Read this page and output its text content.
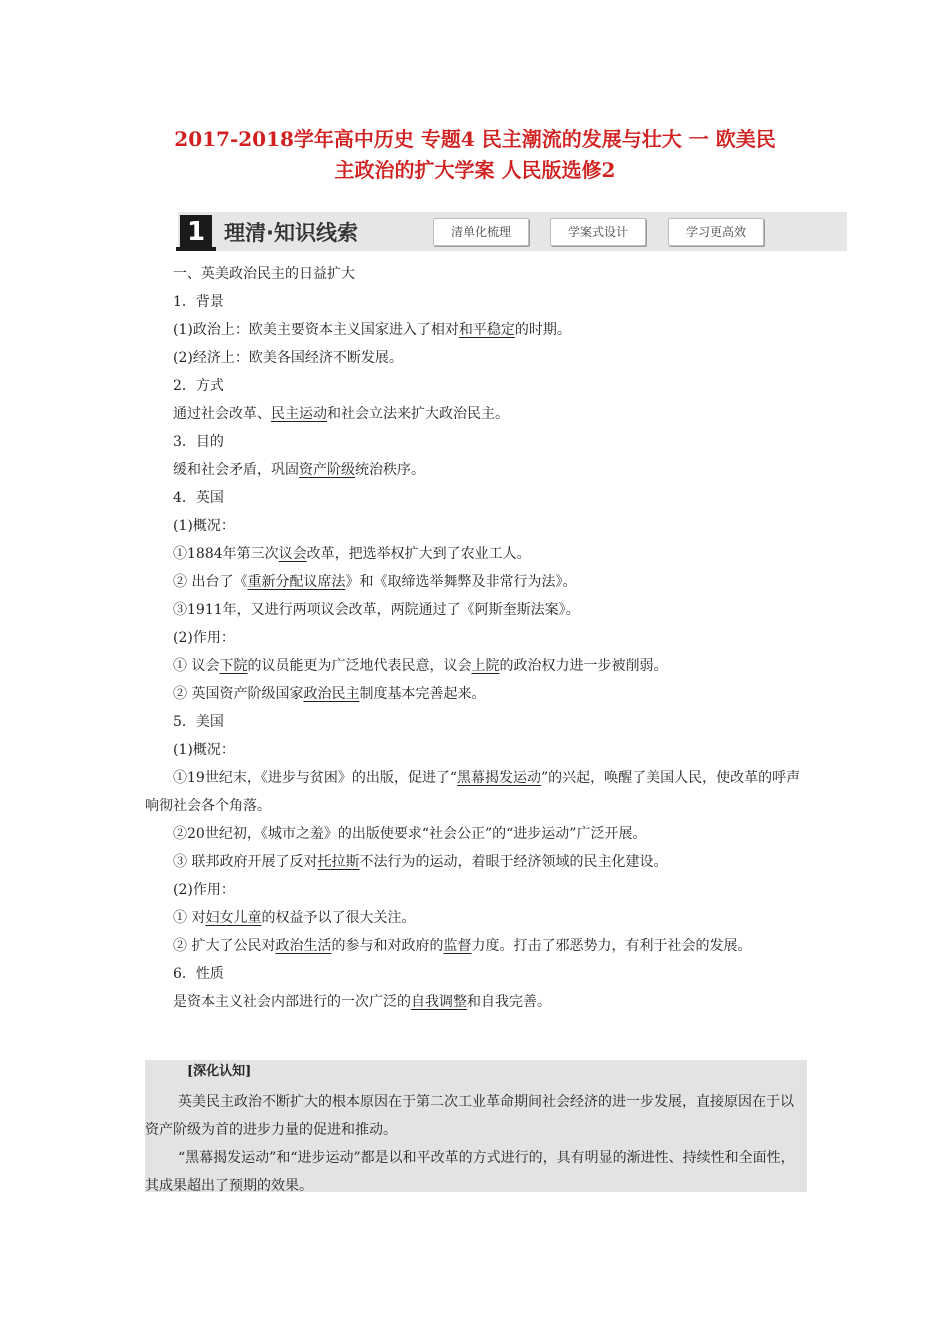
2017-2018学年高中历史 专题4 民主潮流的发展与壮大 一 欧美民
主政治的扩大学案 人民版选修2
1 理清·知识线索	清单化梳理	学案式设计	学习更高效

一、英美政治民主的日益扩大

1．背景

(1)政治上：欧美主要资本主义国家进入了相对和平稳定的时期。

(2)经济上：欧美各国经济不断发展。

2．方式

通过社会改革、民主运动和社会立法来扩大政治民主。

3．目的

缓和社会矛盾，巩固资产阶级统治秩序。

4．英国

(1)概况：

①1884年第三次议会改革，把选举权扩大到了农业工人。

② 出台了《重新分配议席法》和《取缔选举舞弊及非常行为法》。

③1911年，又进行两项议会改革，两院通过了《阿斯奎斯法案》。

(2)作用：

① 议会下院的议员能更为广泛地代表民意，议会上院的政治权力进一步被削弱。

② 英国资产阶级国家政治民主制度基本完善起来。

5．美国

(1)概况：

①19世纪末，《进步与贫困》的出版，促进了“黑幕揭发运动”的兴起，唤醒了美国人民，使改革的呼声响彻社会各个角落。

②20世纪初，《城市之羞》的出版使要求“社会公正”的“进步运动”广泛开展。

③ 联邦政府开展了反对托拉斯不法行为的运动，着眼于经济领域的民主化建设。

(2)作用：

① 对妇女儿童的权益予以了很大关注。

② 扩大了公民对政治生活的参与和对政府的监督力度。打击了邪恶势力，有利于社会的发展。

6．性质

是资本主义社会内部进行的一次广泛的自我调整和自我完善。

[深化认知]

英美民主政治不断扩大的根本原因在于第二次工业革命期间社会经济的进一步发展，直接原因在于以资产阶级为首的进步力量的促进和推动。

“黑幕揭发运动”和“进步运动”都是以和平改革的方式进行的，具有明显的渐进性、持续性和全面性，其成果超出了预期的效果。
